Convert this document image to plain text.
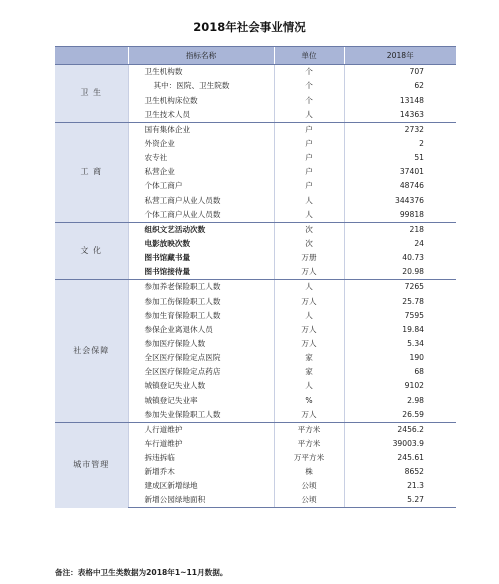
2018年社会事业情况
	指标名称	单位	2018年
卫 生	卫生机构数	个	707
	其中：医院、卫生院数	个	62
	卫生机构床位数	个	13148
	卫生技术人员	人	14363
工 商	国有集体企业	户	2732
	外资企业	户	2
	农专社	户	51
	私营企业	户	37401
	个体工商户	户	48746
	私营工商户从业人员数	人	344376
	个体工商户从业人员数	人	99818
文 化	组织文艺活动次数	次	218
	电影放映次数	次	24
	图书馆藏书量	万册	40.73
	图书馆接待量	万人	20.98
社会保障	参加养老保险职工人数	人	7265
	参加工伤保险职工人数	万人	25.78
	参加生育保险职工人数	人	7595
	参保企业离退休人员	万人	19.84
	参加医疗保险人数	万人	5.34
	全区医疗保险定点医院	家	190
	全区医疗保险定点药店	家	68
	城镇登记失业人数	人	9102
	城镇登记失业率	%	2.98
	参加失业保险职工人数	万人	26.59
城市管理	人行道维护	平方米	2456.2
	车行道维护	平方米	39003.9
	拆违拆临	万平方米	245.61
	新增乔木	株	8652
	建成区新增绿地	公顷	21.3
	新增公园绿地面积	公顷	5.27
备注：表格中卫生类数据为2018年1~11月数据。
